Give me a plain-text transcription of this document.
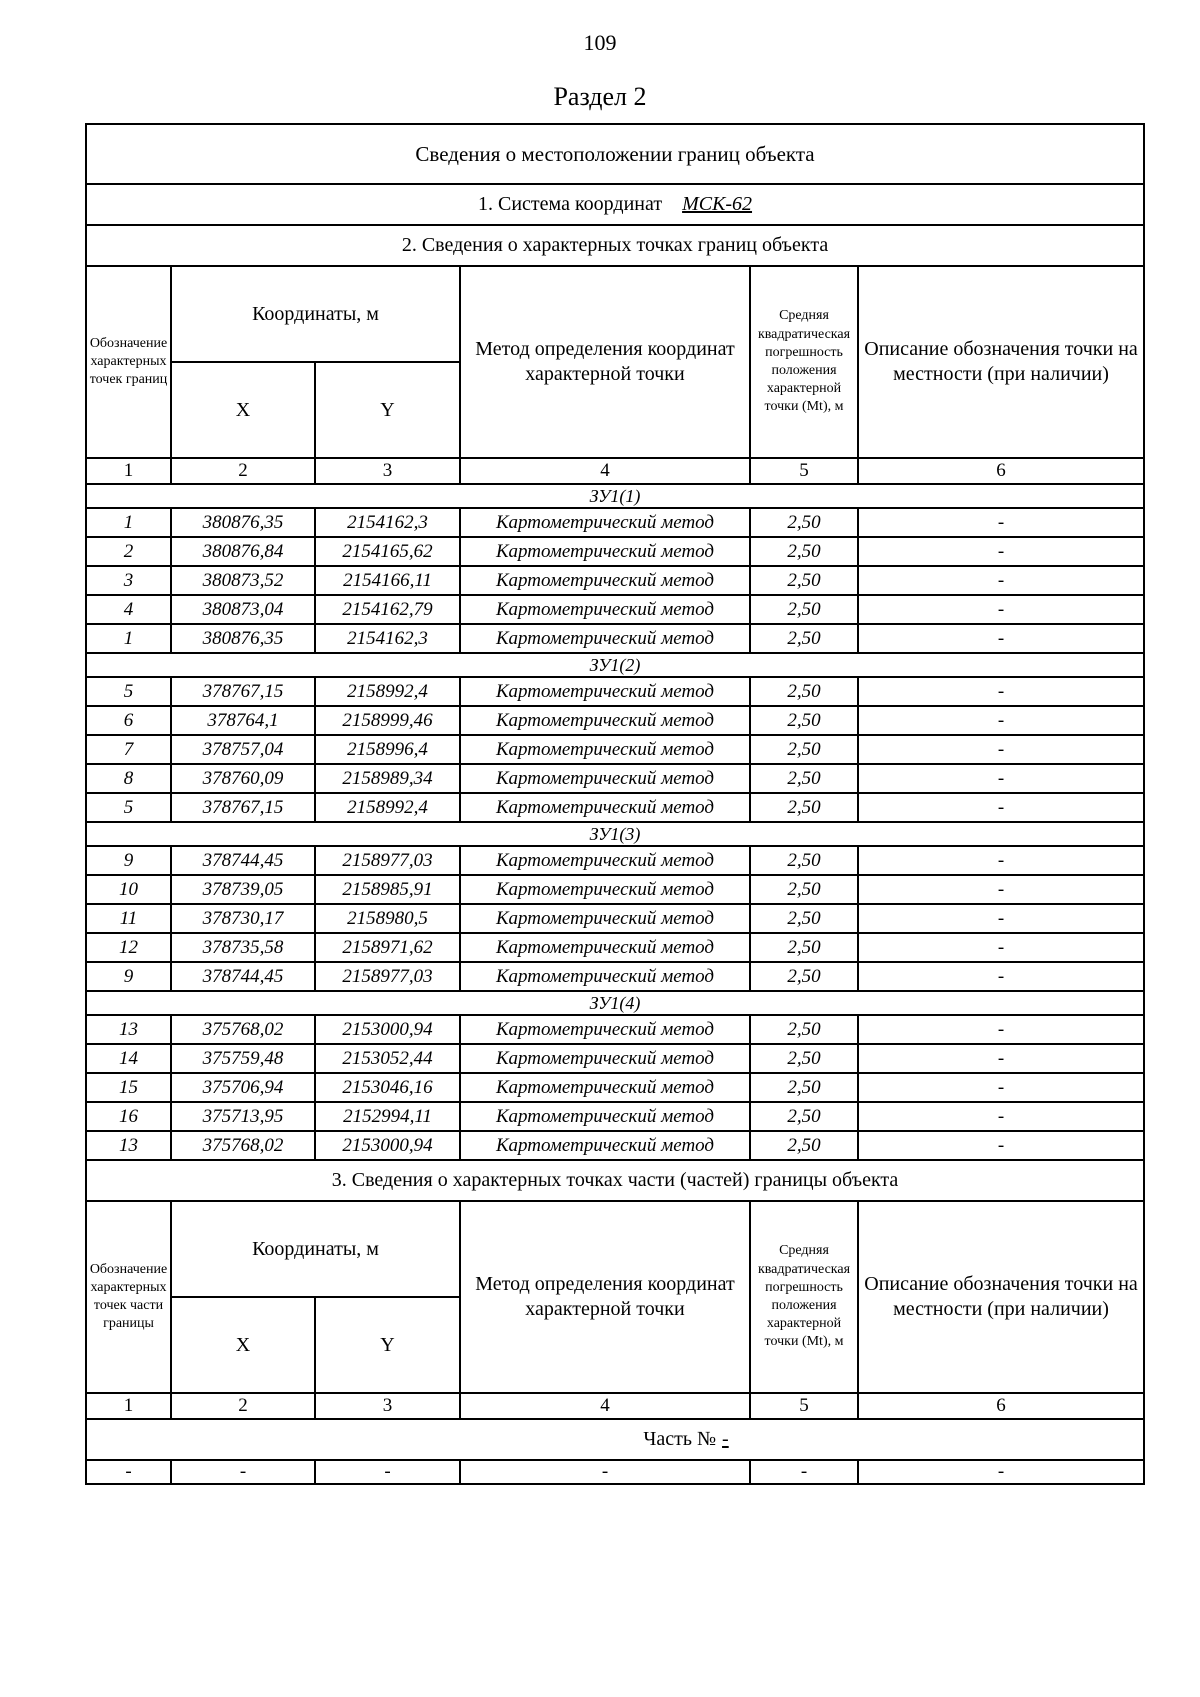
109
Раздел 2
Сведения о местоположении границ объекта					
1. Система координат МСК-62					
2. Сведения о характерных точках границ объекта					
Обозначение характерных точек границ	Координаты, м		Метод определения координат характерной точки	Средняя квадратическая погрешность положения характерной точки (Mt), м	Описание обозначения точки на местности (при наличии)
	X	Y			
1	2	3	4	5	6
ЗУ1(1)					
1	380876,35	2154162,3	Картометрический метод	2,50	-
2	380876,84	2154165,62	Картометрический метод	2,50	-
3	380873,52	2154166,11	Картометрический метод	2,50	-
4	380873,04	2154162,79	Картометрический метод	2,50	-
1	380876,35	2154162,3	Картометрический метод	2,50	-
ЗУ1(2)					
5	378767,15	2158992,4	Картометрический метод	2,50	-
6	378764,1	2158999,46	Картометрический метод	2,50	-
7	378757,04	2158996,4	Картометрический метод	2,50	-
8	378760,09	2158989,34	Картометрический метод	2,50	-
5	378767,15	2158992,4	Картометрический метод	2,50	-
ЗУ1(3)					
9	378744,45	2158977,03	Картометрический метод	2,50	-
10	378739,05	2158985,91	Картометрический метод	2,50	-
11	378730,17	2158980,5	Картометрический метод	2,50	-
12	378735,58	2158971,62	Картометрический метод	2,50	-
9	378744,45	2158977,03	Картометрический метод	2,50	-
ЗУ1(4)					
13	375768,02	2153000,94	Картометрический метод	2,50	-
14	375759,48	2153052,44	Картометрический метод	2,50	-
15	375706,94	2153046,16	Картометрический метод	2,50	-
16	375713,95	2152994,11	Картометрический метод	2,50	-
13	375768,02	2153000,94	Картометрический метод	2,50	-
3. Сведения о характерных точках части (частей) границы объекта					
Обозначение характерных точек части границы	Координаты, м		Метод определения координат характерной точки	Средняя квадратическая погрешность положения характерной точки (Mt), м	Описание обозначения точки на местности (при наличии)
	X	Y			
1	2	3	4	5	6
Часть № -					
-	-	-	-	-	-
